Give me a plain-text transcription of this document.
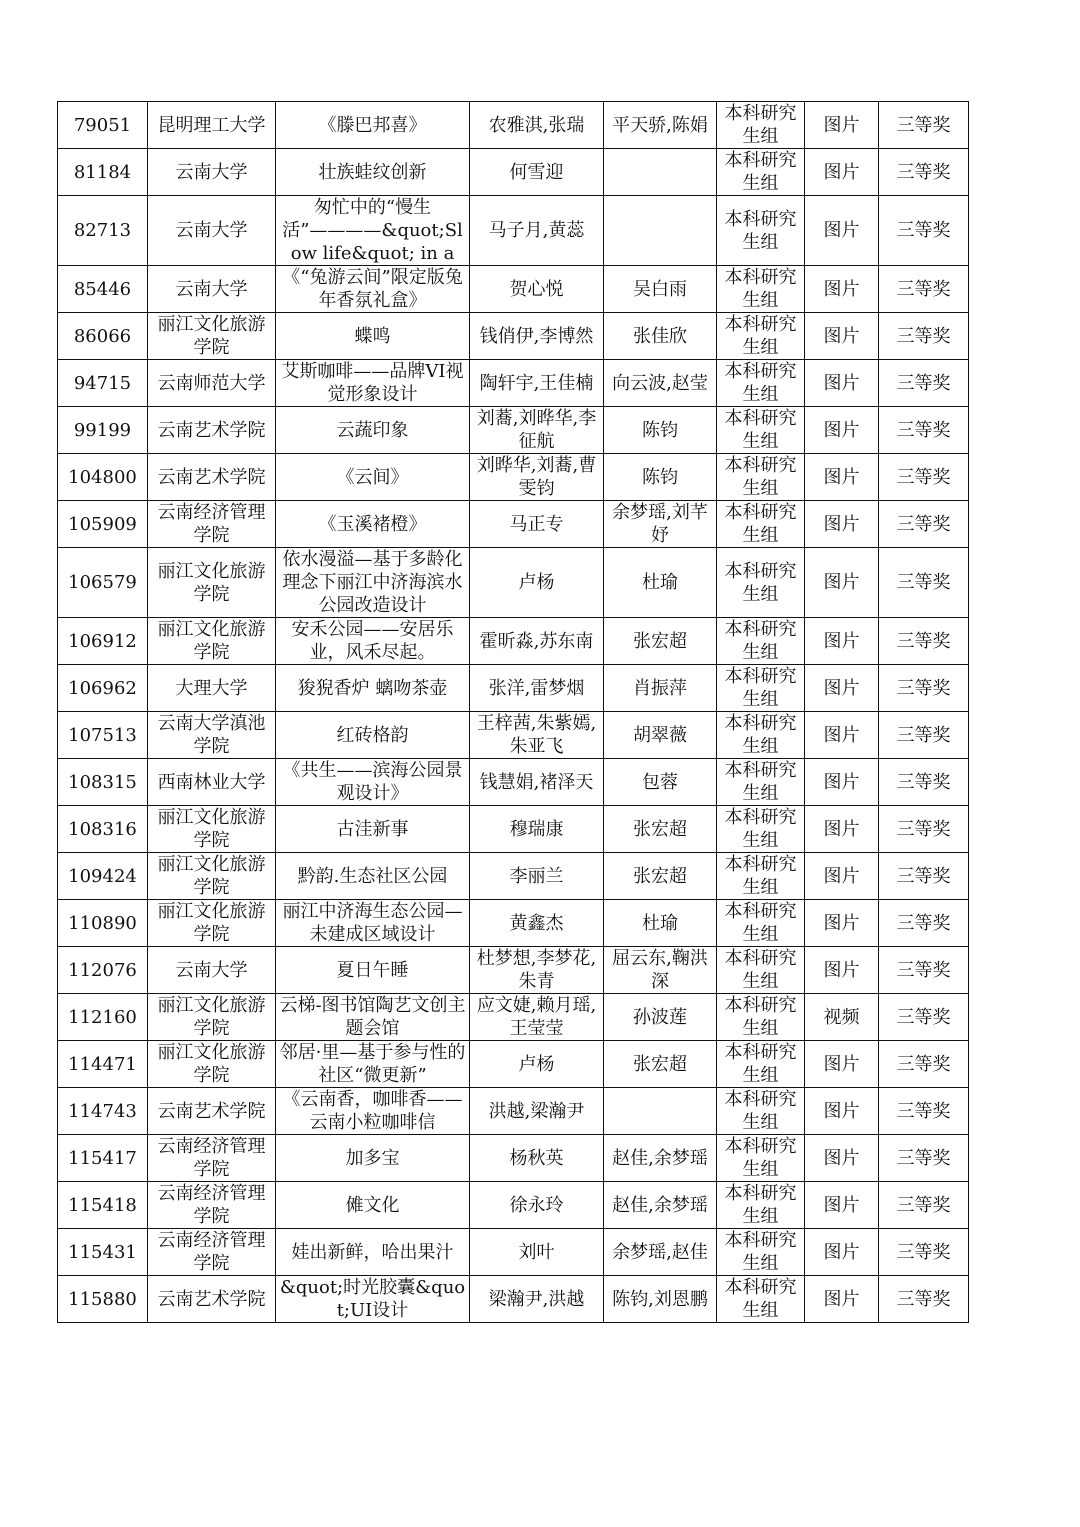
79051	昆明理工大学	《滕巴邦喜》	农雅淇,张瑞	平天骄,陈娟	本科研究生组	图片	三等奖
81184	云南大学	壮族蛙纹创新	何雪迎		本科研究生组	图片	三等奖
82713	云南大学	匆忙中的“慢生活”————&quot;Slow life&quot; in a	马子月,黄蕊		本科研究生组	图片	三等奖
85446	云南大学	《“兔游云间”限定版兔年香氛礼盒》	贺心悦	吴白雨	本科研究生组	图片	三等奖
86066	丽江文化旅游学院	蝶鸣	钱俏伊,李博然	张佳欣	本科研究生组	图片	三等奖
94715	云南师范大学	艾斯咖啡——品牌VI视觉形象设计	陶轩宇,王佳楠	向云波,赵莹	本科研究生组	图片	三等奖
99199	云南艺术学院	云蔬印象	刘蕎,刘晔华,李征航	陈钧	本科研究生组	图片	三等奖
104800	云南艺术学院	《云间》	刘晔华,刘蕎,曹雯钧	陈钧	本科研究生组	图片	三等奖
105909	云南经济管理学院	《玉溪褚橙》	马正专	余梦瑶,刘芊妤	本科研究生组	图片	三等奖
106579	丽江文化旅游学院	依水漫溢—基于多龄化理念下丽江中济海滨水公园改造设计	卢杨	杜瑜	本科研究生组	图片	三等奖
106912	丽江文化旅游学院	安禾公园——安居乐业，风禾尽起。	霍昕淼,苏东南	张宏超	本科研究生组	图片	三等奖
106962	大理大学	狻猊香炉 螭吻茶壶	张洋,雷梦烟	肖振萍	本科研究生组	图片	三等奖
107513	云南大学滇池学院	红砖格韵	王梓茜,朱紫嫣,朱亚飞	胡翠薇	本科研究生组	图片	三等奖
108315	西南林业大学	《共生——滨海公园景观设计》	钱慧娟,褚泽天	包蓉	本科研究生组	图片	三等奖
108316	丽江文化旅游学院	古洼新事	穆瑞康	张宏超	本科研究生组	图片	三等奖
109424	丽江文化旅游学院	黔韵.生态社区公园	李丽兰	张宏超	本科研究生组	图片	三等奖
110890	丽江文化旅游学院	丽江中济海生态公园—未建成区域设计	黄鑫杰	杜瑜	本科研究生组	图片	三等奖
112076	云南大学	夏日午睡	杜梦想,李梦花,朱青	屈云东,鞠洪深	本科研究生组	图片	三等奖
112160	丽江文化旅游学院	云梯-图书馆陶艺文创主题会馆	应文婕,赖月瑶,王莹莹	孙波莲	本科研究生组	视频	三等奖
114471	丽江文化旅游学院	邻居·里—基于参与性的社区“微更新”	卢杨	张宏超	本科研究生组	图片	三等奖
114743	云南艺术学院	《云南香，咖啡香——云南小粒咖啡信	洪越,梁瀚尹		本科研究生组	图片	三等奖
115417	云南经济管理学院	加多宝	杨秋英	赵佳,余梦瑶	本科研究生组	图片	三等奖
115418	云南经济管理学院	傩文化	徐永玲	赵佳,余梦瑶	本科研究生组	图片	三等奖
115431	云南经济管理学院	娃出新鲜，哈出果汁	刘叶	余梦瑶,赵佳	本科研究生组	图片	三等奖
115880	云南艺术学院	&quot;时光胶囊&quot;UI设计	梁瀚尹,洪越	陈钧,刘恩鹏	本科研究生组	图片	三等奖
